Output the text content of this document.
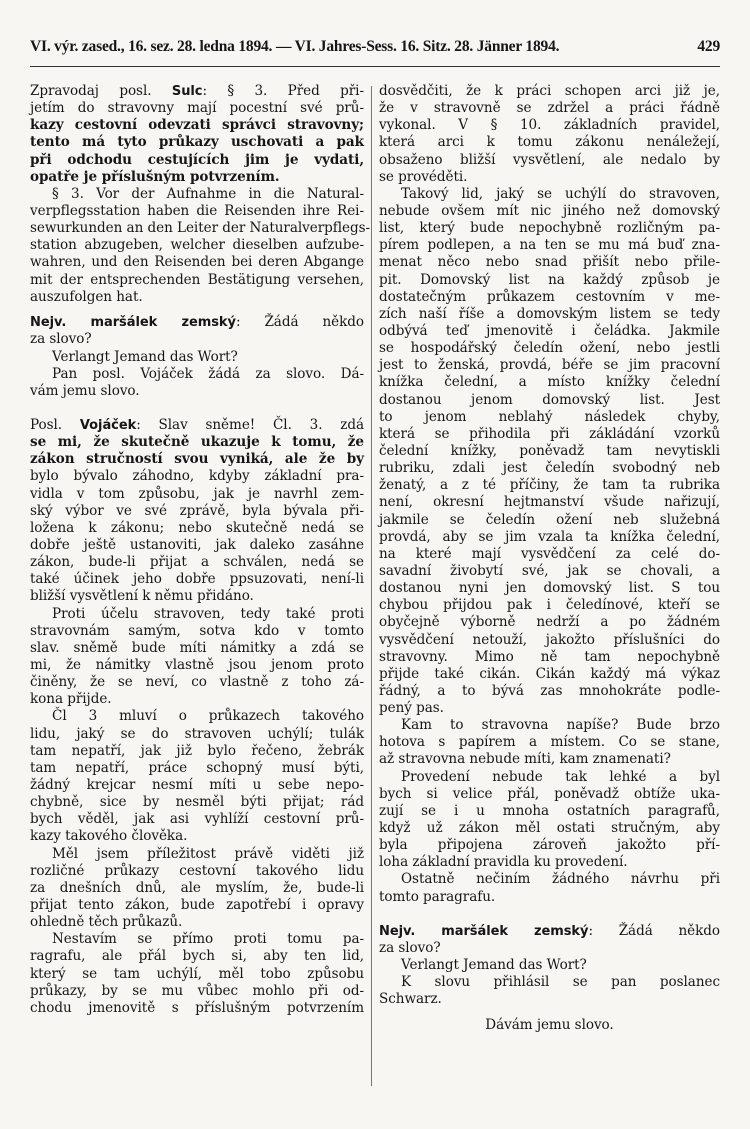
VI. výr. zased., 16. sez. 28. ledna 1894. — VI. Jahres-Sess. 16. Sitz. 28. Jänner 1894.	429
Zpravodaj posl. Sulc: § 3. Před při-
jetím do stravovny mají pocestní své prů-
kazy cestovní odevzati správci stravovny;
tento má tyto průkazy uschovati a pak
při odchodu cestujících jim je vydati,
opatře je příslušným potvrzením.
§ 3. Vor der Aufnahme in die Natural-
verpflegsstation haben die Reisenden ihre Rei-
sewurkunden an den Leiter der Naturalverpflegs-
station abzugeben, welcher dieselben aufzube-
wahren, und den Reisenden bei deren Abgange
mit der entsprechenden Bestätigung versehen,
auszufolgen hat.
Nejv. maršálek zemský: Žádá někdo
za slovo?
Verlangt Jemand das Wort?
Pan posl. Vojáček žádá za slovo. Dá-
vám jemu slovo.
Posl. Vojáček: Slav sněme! Čl. 3. zdá
se mi, že skutečně ukazuje k tomu, že
zákon stručností svou vyniká, ale že by
bylo bývalo záhodno, kdyby základní pra-
vidla v tom způsobu, jak je navrhl zem-
ský výbor ve své zprávě, byla bývala při-
ložena k zákonu; nebo skutečně nedá se
dobře ještě ustanoviti, jak daleko zasáhne
zákon, bude-li přijat a schválen, nedá se
také účinek jeho dobře ppsuzovati, není-li
bližší vysvětlení k němu přidáno.
Proti účelu stravoven, tedy také proti
stravovnám samým, sotva kdo v tomto
slav. sněmě bude míti námitky a zdá se
mi, že námitky vlastně jsou jenom proto
činěny, že se neví, co vlastně z toho zá-
kona přijde.
Čl 3 mluví o průkazech takového
lidu, jaký se do stravoven uchýlí; tulák
tam nepatří, jak již bylo řečeno, žebrák
tam nepatří, práce schopný musí býti,
žádný krejcar nesmí míti u sebe nepo-
chybně, sice by nesměl býti přijat; rád
bych věděl, jak asi vyhlíží cestovní prů-
kazy takového člověka.
Měl jsem příležitost právě viděti již
rozličné průkazy cestovní takového lidu
za dnešních dnů, ale myslím, že, bude-li
přijat tento zákon, bude zapotřebí i opravy
ohledně těch průkazů.
Nestavím se přímo proti tomu pa-
ragrafu, ale přál bych si, aby ten lid,
který se tam uchýlí, měl tobo způsobu
průkazy, by se mu vůbec mohlo při od-
chodu jmenovitě s příslušným potvrzením
dosvědčiti, že k práci schopen arci již je,
že v stravovně se zdržel a práci řádně
vykonal. V § 10. základních pravidel,
která arci k tomu zákonu nenáležejí,
obsaženo bližší vysvětlení, ale nedalo by
se provéděti.
Takový lid, jaký se uchýlí do stravoven,
nebude ovšem mít nic jiného než domovský
list, který bude nepochybně rozličným pa-
pírem podlepen, a na ten se mu má buď zna-
menat něco nebo snad přišít nebo přile-
pit. Domovský list na každý způsob je
dostatečným průkazem cestovním v me-
zích naší říše a domovským listem se tedy
odbývá teď jmenovitě i čeládka. Jakmile
se hospodářský čeledín ožení, nebo jestli
jest to ženská, provdá, béře se jim pracovní
knížka čelední, a místo knížky čelední
dostanou jenom domovský list. Jest
to jenom neblahý následek chyby,
která se přihodila při zákládání vzorků
čelední knížky, poněvadž tam nevytiskli
rubriku, zdali jest čeledín svobodný neb
ženatý, a z té příčiny, že tam ta rubrika
není, okresní hejtmanství všude nařizují,
jakmile se čeledín ožení neb služebná
provdá, aby se jim vzala ta knížka čelední,
na které mají vysvědčení za celé do-
savadní živobytí své, jak se chovali, a
dostanou nyni jen domovský list. S tou
chybou přijdou pak i čeledínové, kteří se
obyčejně výborně nedrží a po žádném
vysvědčení netouží, jakožto příslušníci do
stravovny. Mimo ně tam nepochybně
přijde také cikán. Cikán každý má výkaz
řádný, a to bývá zas mnohokráte podle-
pený pas.
Kam to stravovna napíše? Bude brzo
hotova s papírem a místem. Co se stane,
až stravovna nebude míti, kam znamenati?
Provedení nebude tak lehké a byl
bych si velice přál, poněvadž obtíže uka-
zují se i u mnoha ostatních paragrafů,
když už zákon měl ostati stručným, aby
byla připojena zároveň jakožto pří-
loha základní pravidla ku provedení.
Ostatně nečiním žádného návrhu při
tomto paragrafu.
Nejv. maršálek zemský: Žádá někdo
za slovo?
Verlangt Jemand das Wort?
K slovu přihlásil se pan poslanec
Schwarz.
Dávám jemu slovo.
